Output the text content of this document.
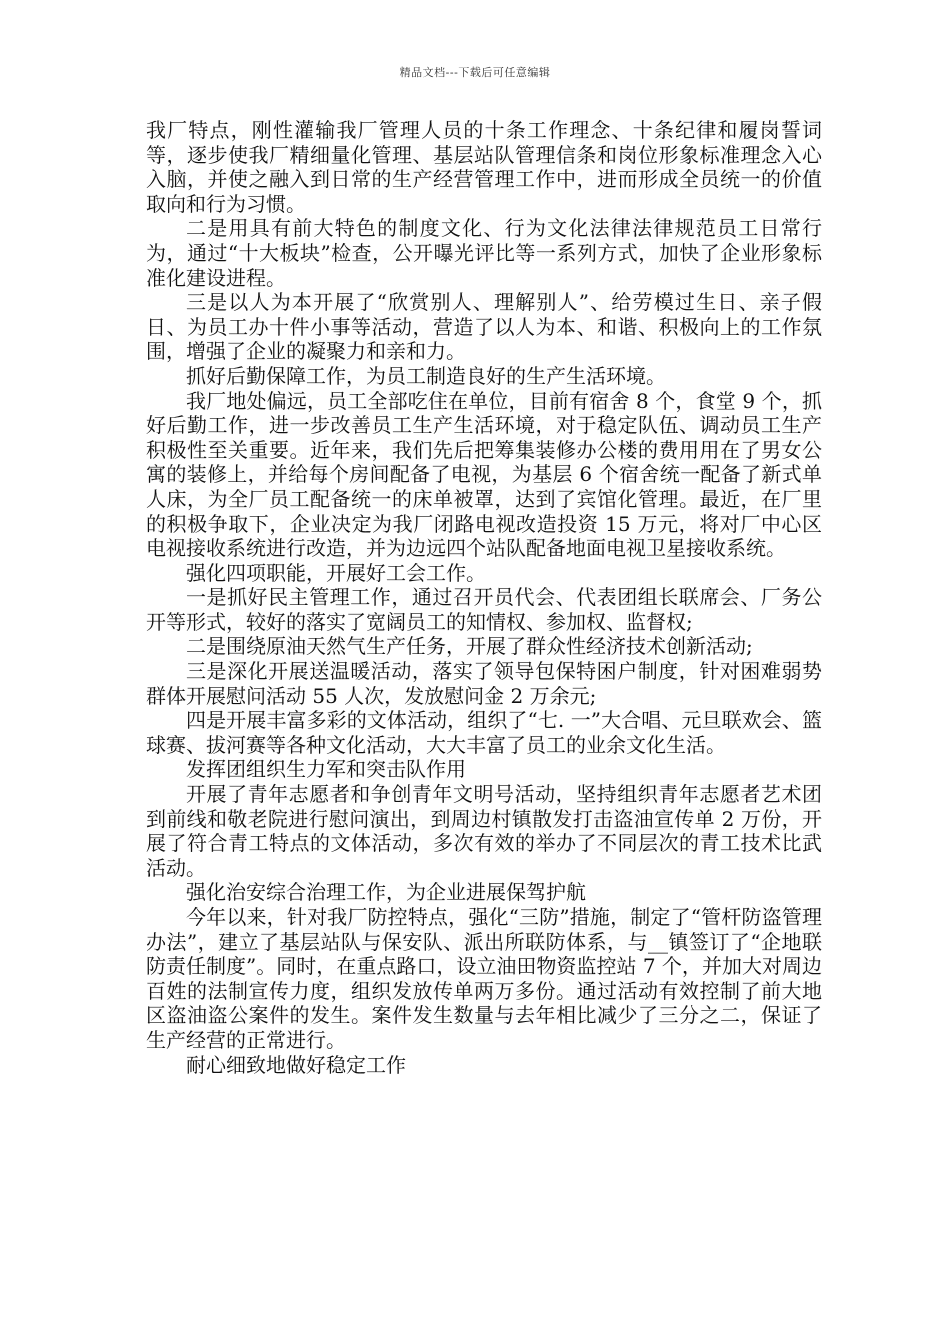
精品文档---下载后可任意编辑

我厂特点，刚性灌输我厂管理人员的十条工作理念、十条纪律和履岗誓词等，逐步使我厂精细量化管理、基层站队管理信条和岗位形象标准理念入心入脑，并使之融入到日常的生产经营管理工作中，进而形成全员统一的价值取向和行为习惯。

二是用具有前大特色的制度文化、行为文化法律法律规范员工日常行为，通过“十大板块”检查，公开曝光评比等一系列方式，加快了企业形象标准化建设进程。

三是以人为本开展了“欣赏别人、理解别人”、给劳模过生日、亲子假日、为员工办十件小事等活动，营造了以人为本、和谐、积极向上的工作氛围，增强了企业的凝聚力和亲和力。

抓好后勤保障工作，为员工制造良好的生产生活环境。

我厂地处偏远，员工全部吃住在单位，目前有宿舍 8 个，食堂 9 个，抓好后勤工作，进一步改善员工生产生活环境，对于稳定队伍、调动员工生产积极性至关重要。近年来，我们先后把筹集装修办公楼的费用用在了男女公寓的装修上，并给每个房间配备了电视，为基层 6 个宿舍统一配备了新式单人床，为全厂员工配备统一的床单被罩，达到了宾馆化管理。最近，在厂里的积极争取下，企业决定为我厂闭路电视改造投资 15 万元，将对厂中心区电视接收系统进行改造，并为边远四个站队配备地面电视卫星接收系统。

强化四项职能，开展好工会工作。

一是抓好民主管理工作，通过召开员代会、代表团组长联席会、厂务公开等形式，较好的落实了宽阔员工的知情权、参加权、监督权;

二是围绕原油天然气生产任务，开展了群众性经济技术创新活动;

三是深化开展送温暖活动，落实了领导包保特困户制度，针对困难弱势群体开展慰问活动 55 人次，发放慰问金 2 万余元;

四是开展丰富多彩的文体活动，组织了“七. 一”大合唱、元旦联欢会、篮球赛、拔河赛等各种文化活动，大大丰富了员工的业余文化生活。

发挥团组织生力军和突击队作用

开展了青年志愿者和争创青年文明号活动，坚持组织青年志愿者艺术团到前线和敬老院进行慰问演出，到周边村镇散发打击盗油宣传单 2 万份，开展了符合青工特点的文体活动，多次有效的举办了不同层次的青工技术比武活动。

强化治安综合治理工作，为企业进展保驾护航

今年以来，针对我厂防控特点，强化“三防”措施，制定了“管杆防盗管理办法”，建立了基层站队与保安队、派出所联防体系，与__镇签订了“企地联防责任制度”。同时，在重点路口，设立油田物资监控站 7 个，并加大对周边百姓的法制宣传力度，组织发放传单两万多份。通过活动有效控制了前大地区盗油盗公案件的发生。案件发生数量与去年相比减少了三分之二，保证了生产经营的正常进行。

耐心细致地做好稳定工作
